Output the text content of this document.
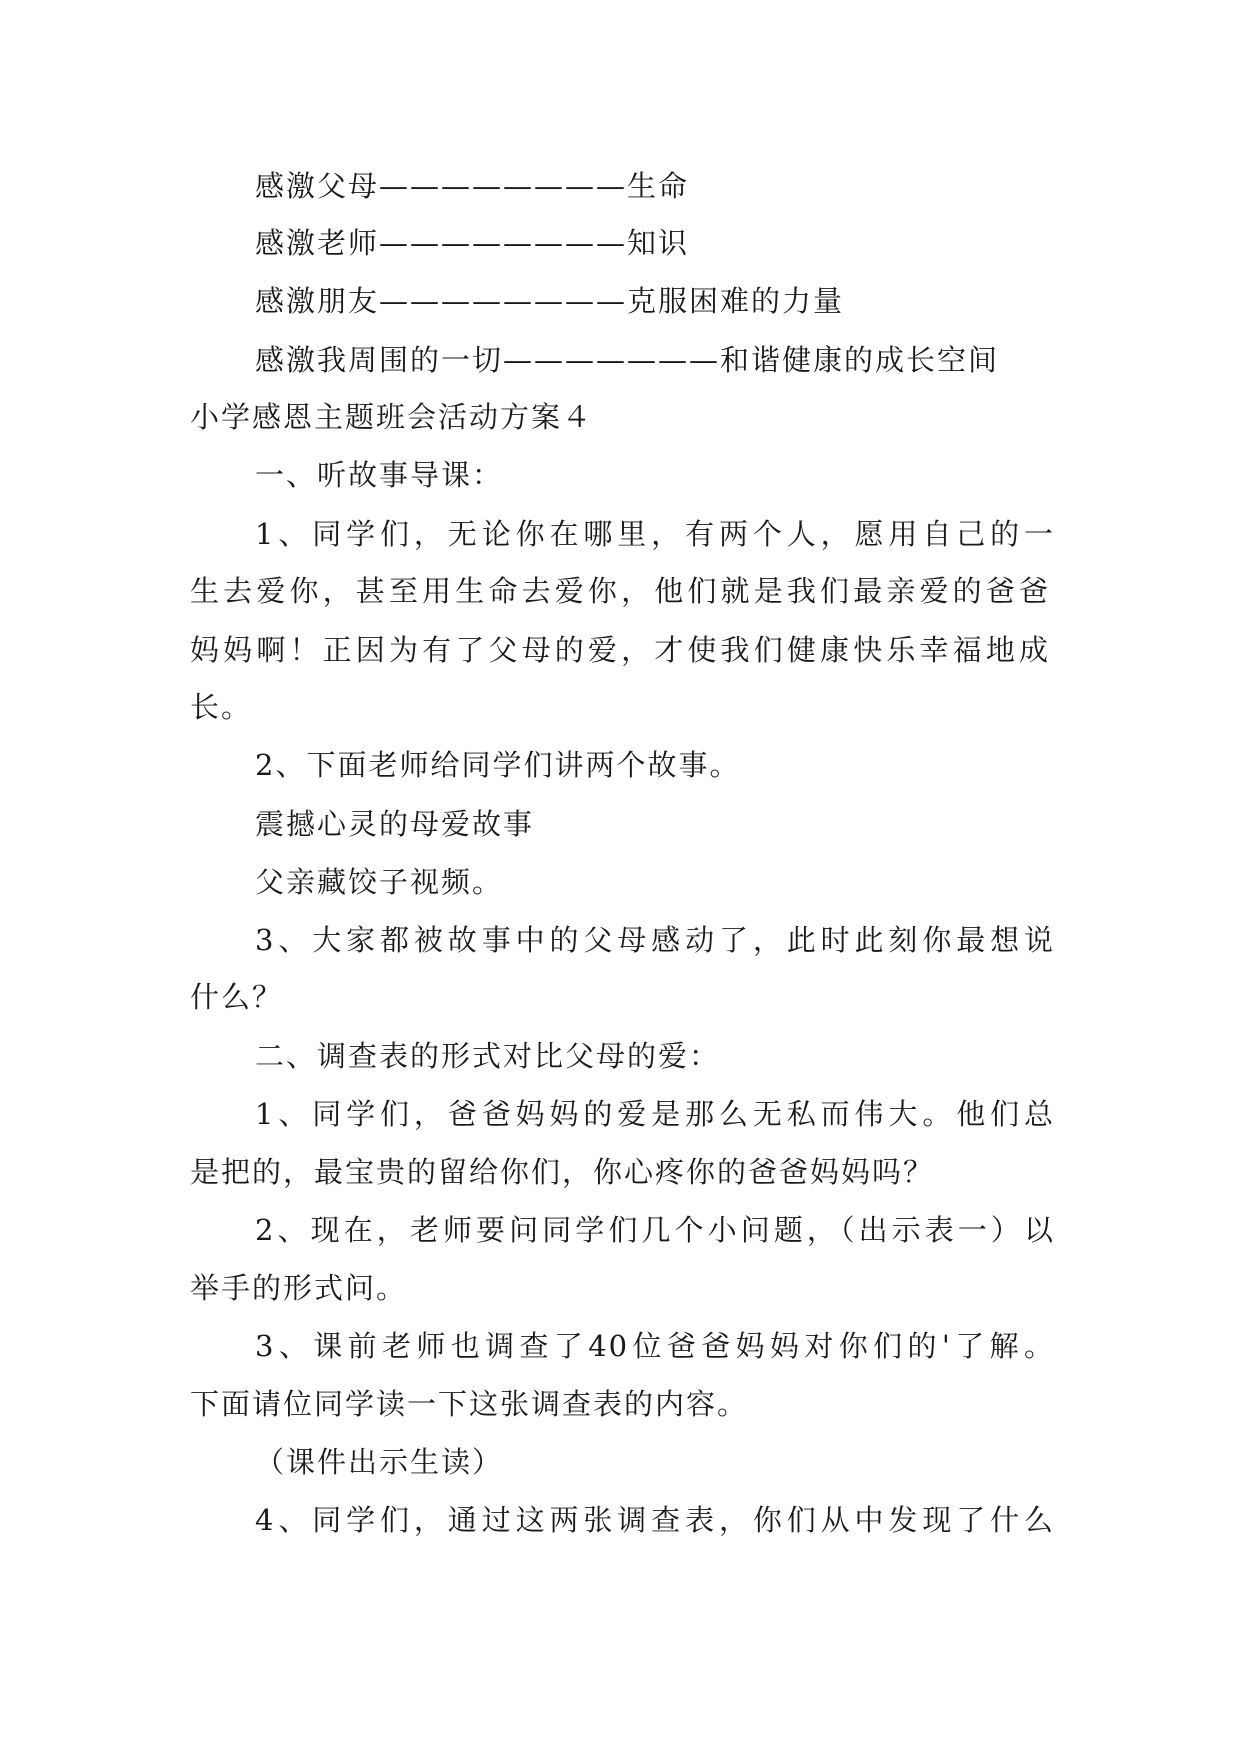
感激父母————————生命
感激老师————————知识
感激朋友————————克服困难的力量
感激我周围的一切———————和谐健康的成长空间
小学感恩主题班会活动方案４
一、听故事导课：
1、同学们，无论你在哪里，有两个人，愿用自己的一
生去爱你，甚至用生命去爱你，他们就是我们最亲爱的爸爸
妈妈啊！正因为有了父母的爱，才使我们健康快乐幸福地成
长。
2、下面老师给同学们讲两个故事。
震撼心灵的母爱故事
父亲藏饺子视频。
3、大家都被故事中的父母感动了，此时此刻你最想说
什么？
二、调查表的形式对比父母的爱：
1、同学们，爸爸妈妈的爱是那么无私而伟大。他们总
是把的，最宝贵的留给你们，你心疼你的爸爸妈妈吗？
2、现在，老师要问同学们几个小问题，（出示表一）以
举手的形式问。
3、课前老师也调查了40位爸爸妈妈对你们的'了解。
下面请位同学读一下这张调查表的内容。
（课件出示生读）
4、同学们，通过这两张调查表，你们从中发现了什么
